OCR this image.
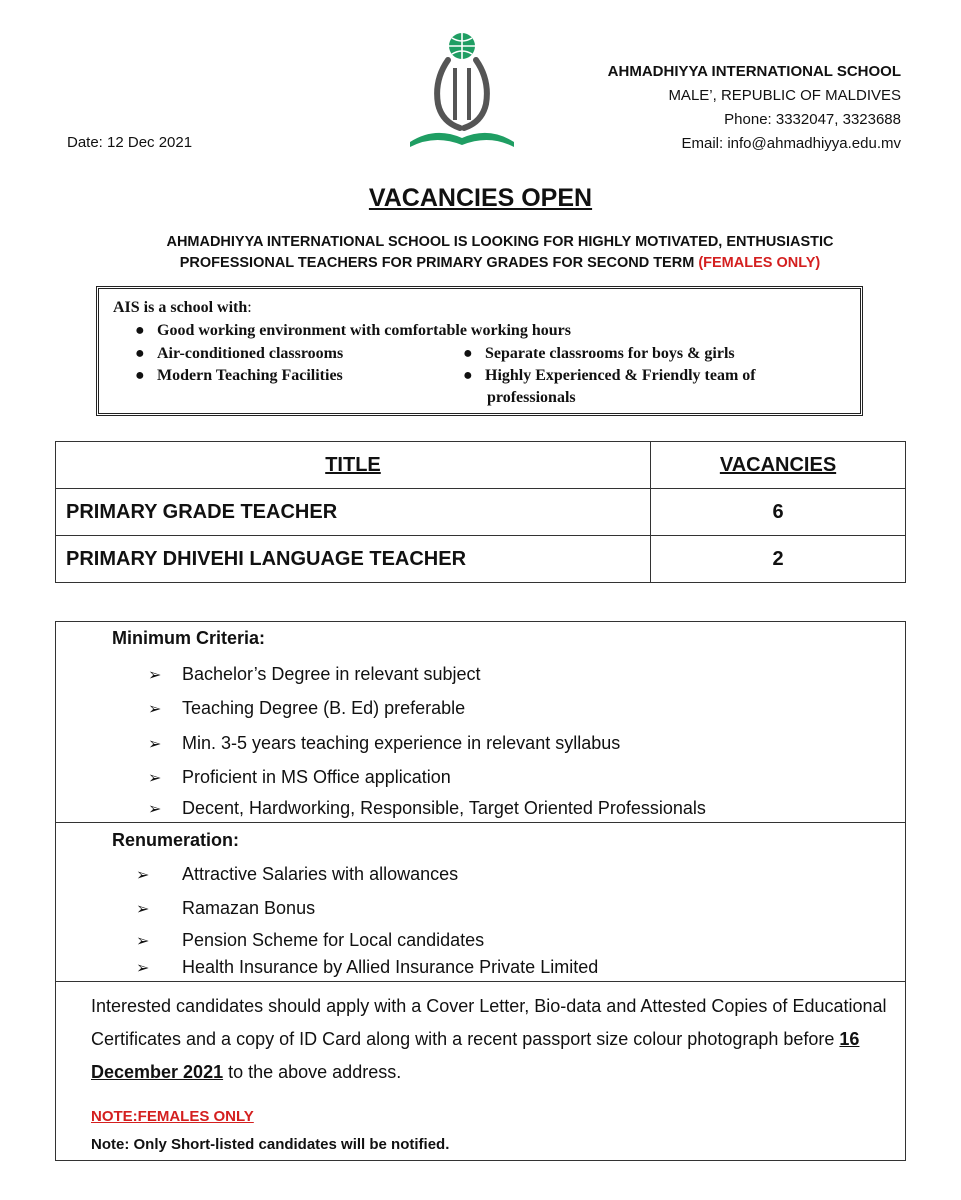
AHMADHIYYA INTERNATIONAL SCHOOL
MALE’, REPUBLIC OF MALDIVES
Phone: 3332047, 3323688
Email: info@ahmadhiyya.edu.mv
Date: 12 Dec 2021
VACANCIES OPEN
AHMADHIYYA INTERNATIONAL SCHOOL IS LOOKING FOR HIGHLY MOTIVATED, ENTHUSIASTIC
PROFESSIONAL TEACHERS FOR PRIMARY GRADES FOR SECOND TERM (FEMALES ONLY)
AIS is a school with:
● Good working environment with comfortable working hours
● Air-conditioned classrooms	● Separate classrooms for boys & girls
● Modern Teaching Facilities	● Highly Experienced & Friendly team of
professionals
TITLE	VACANCIES
PRIMARY GRADE TEACHER	6
PRIMARY DHIVEHI LANGUAGE TEACHER	2
Minimum Criteria:
➢ Bachelor’s Degree in relevant subject
➢ Teaching Degree (B. Ed) preferable
➢ Min. 3-5 years teaching experience in relevant syllabus
➢ Proficient in MS Office application
➢ Decent, Hardworking, Responsible, Target Oriented Professionals
Renumeration:
➢ Attractive Salaries with allowances
➢ Ramazan Bonus
➢ Pension Scheme for Local candidates
➢ Health Insurance by Allied Insurance Private Limited
Interested candidates should apply with a Cover Letter, Bio-data and Attested Copies of Educational Certificates and a copy of ID Card along with a recent passport size colour photograph before 16 December 2021 to the above address.
NOTE:FEMALES ONLY
Note: Only Short-listed candidates will be notified.
